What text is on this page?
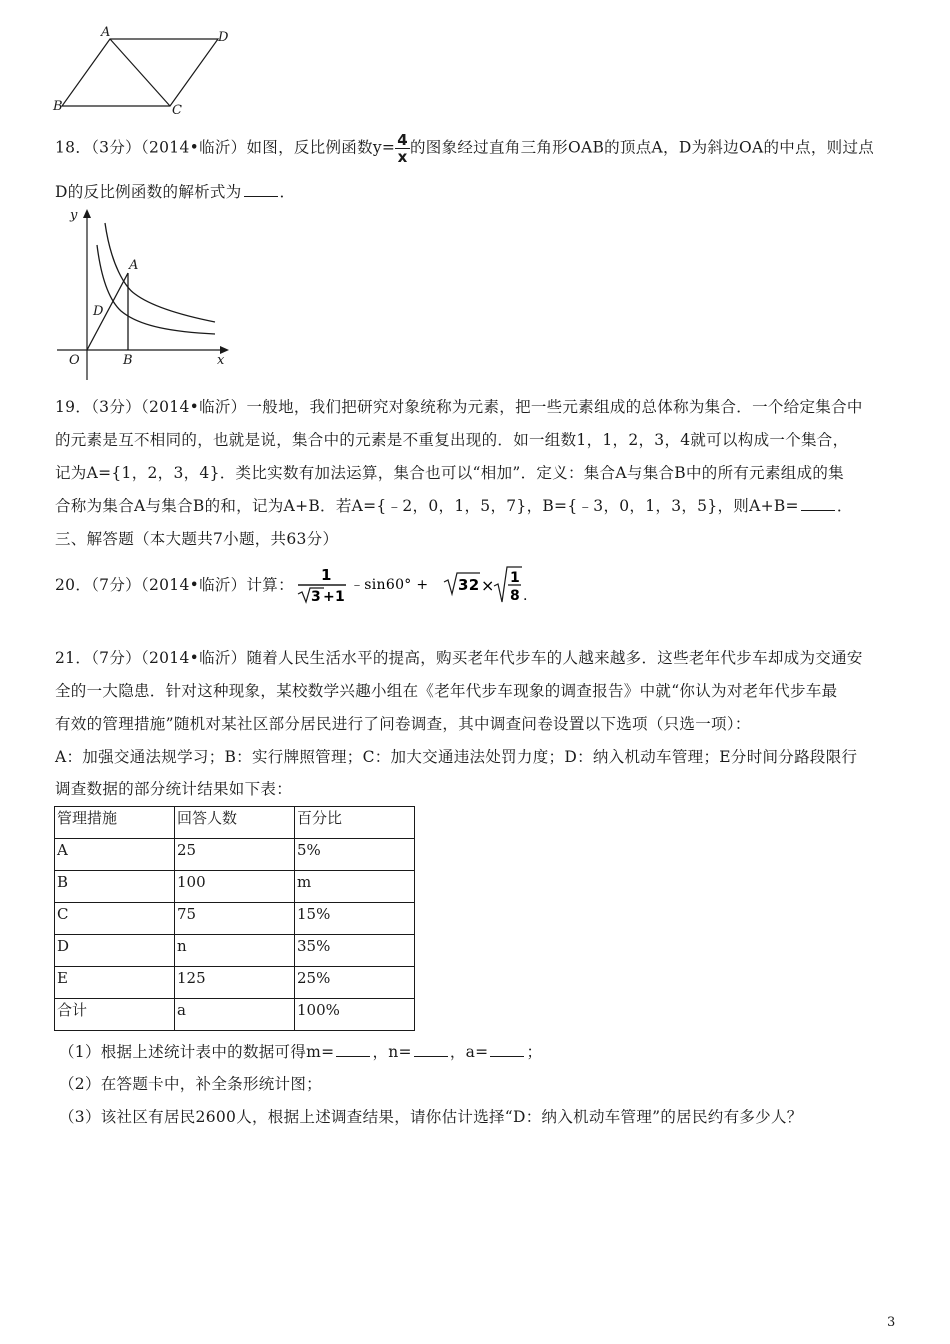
A	D
B	C
18．（3分）（2014•临沂）如图，反比例函数$y= \frac{4}{x}$ 的图象经过直角三角形OAB的顶点A，D为斜边OA的中点，则过点
D的反比例函数的解析式为 ．
y
x
O
A
B
D
19．（3分）（2014•临沂）一般地，我们把研究对象统称为元素，把一些元素组成的总体称为集合．一个给定集合中
的元素是互不相同的，也就是说，集合中的元素是不重复出现的．如一组数1，1，2，3，4就可以构成一个集合，
记为A={1，2，3，4}．类比实数有加法运算，集合也可以“相加”．定义：集合A与集合B中的所有元素组成的集
合称为集合A与集合B的和，记为A+B．若A={﹣2，0，1，5，7}，B={﹣3，0，1，3，5}，则A+B= ．
三、解答题（本大题共7小题，共63分）
20．（7分）（2014•临沂）计算：
1
3 +1
﹣sin60° + 32 × 1
8 .
21．（7分）（2014•临沂）随着人民生活水平的提高，购买老年代步车的人越来越多．这些老年代步车却成为交通安
全的一大隐患．针对这种现象，某校数学兴趣小组在《老年代步车现象的调查报告》中就“你认为对老年代步车最
有效的管理措施”随机对某社区部分居民进行了问卷调查，其中调查问卷设置以下选项（只选一项）：
A：加强交通法规学习；B：实行牌照管理；C：加大交通违法处罚力度；D：纳入机动车管理；E分时间分路段限行
调查数据的部分统计结果如下表：
管理措施	回答人数	百分比
A	25	5%
B	100	m
C	75	15%
D	n	35%
E	125	25%
合计	a	100%
（1）根据上述统计表中的数据可得m= ，n= ，a= ；
（2）在答题卡中，补全条形统计图；
（3）该社区有居民2600人，根据上述调查结果，请你估计选择“D：纳入机动车管理”的居民约有多少人？
3
